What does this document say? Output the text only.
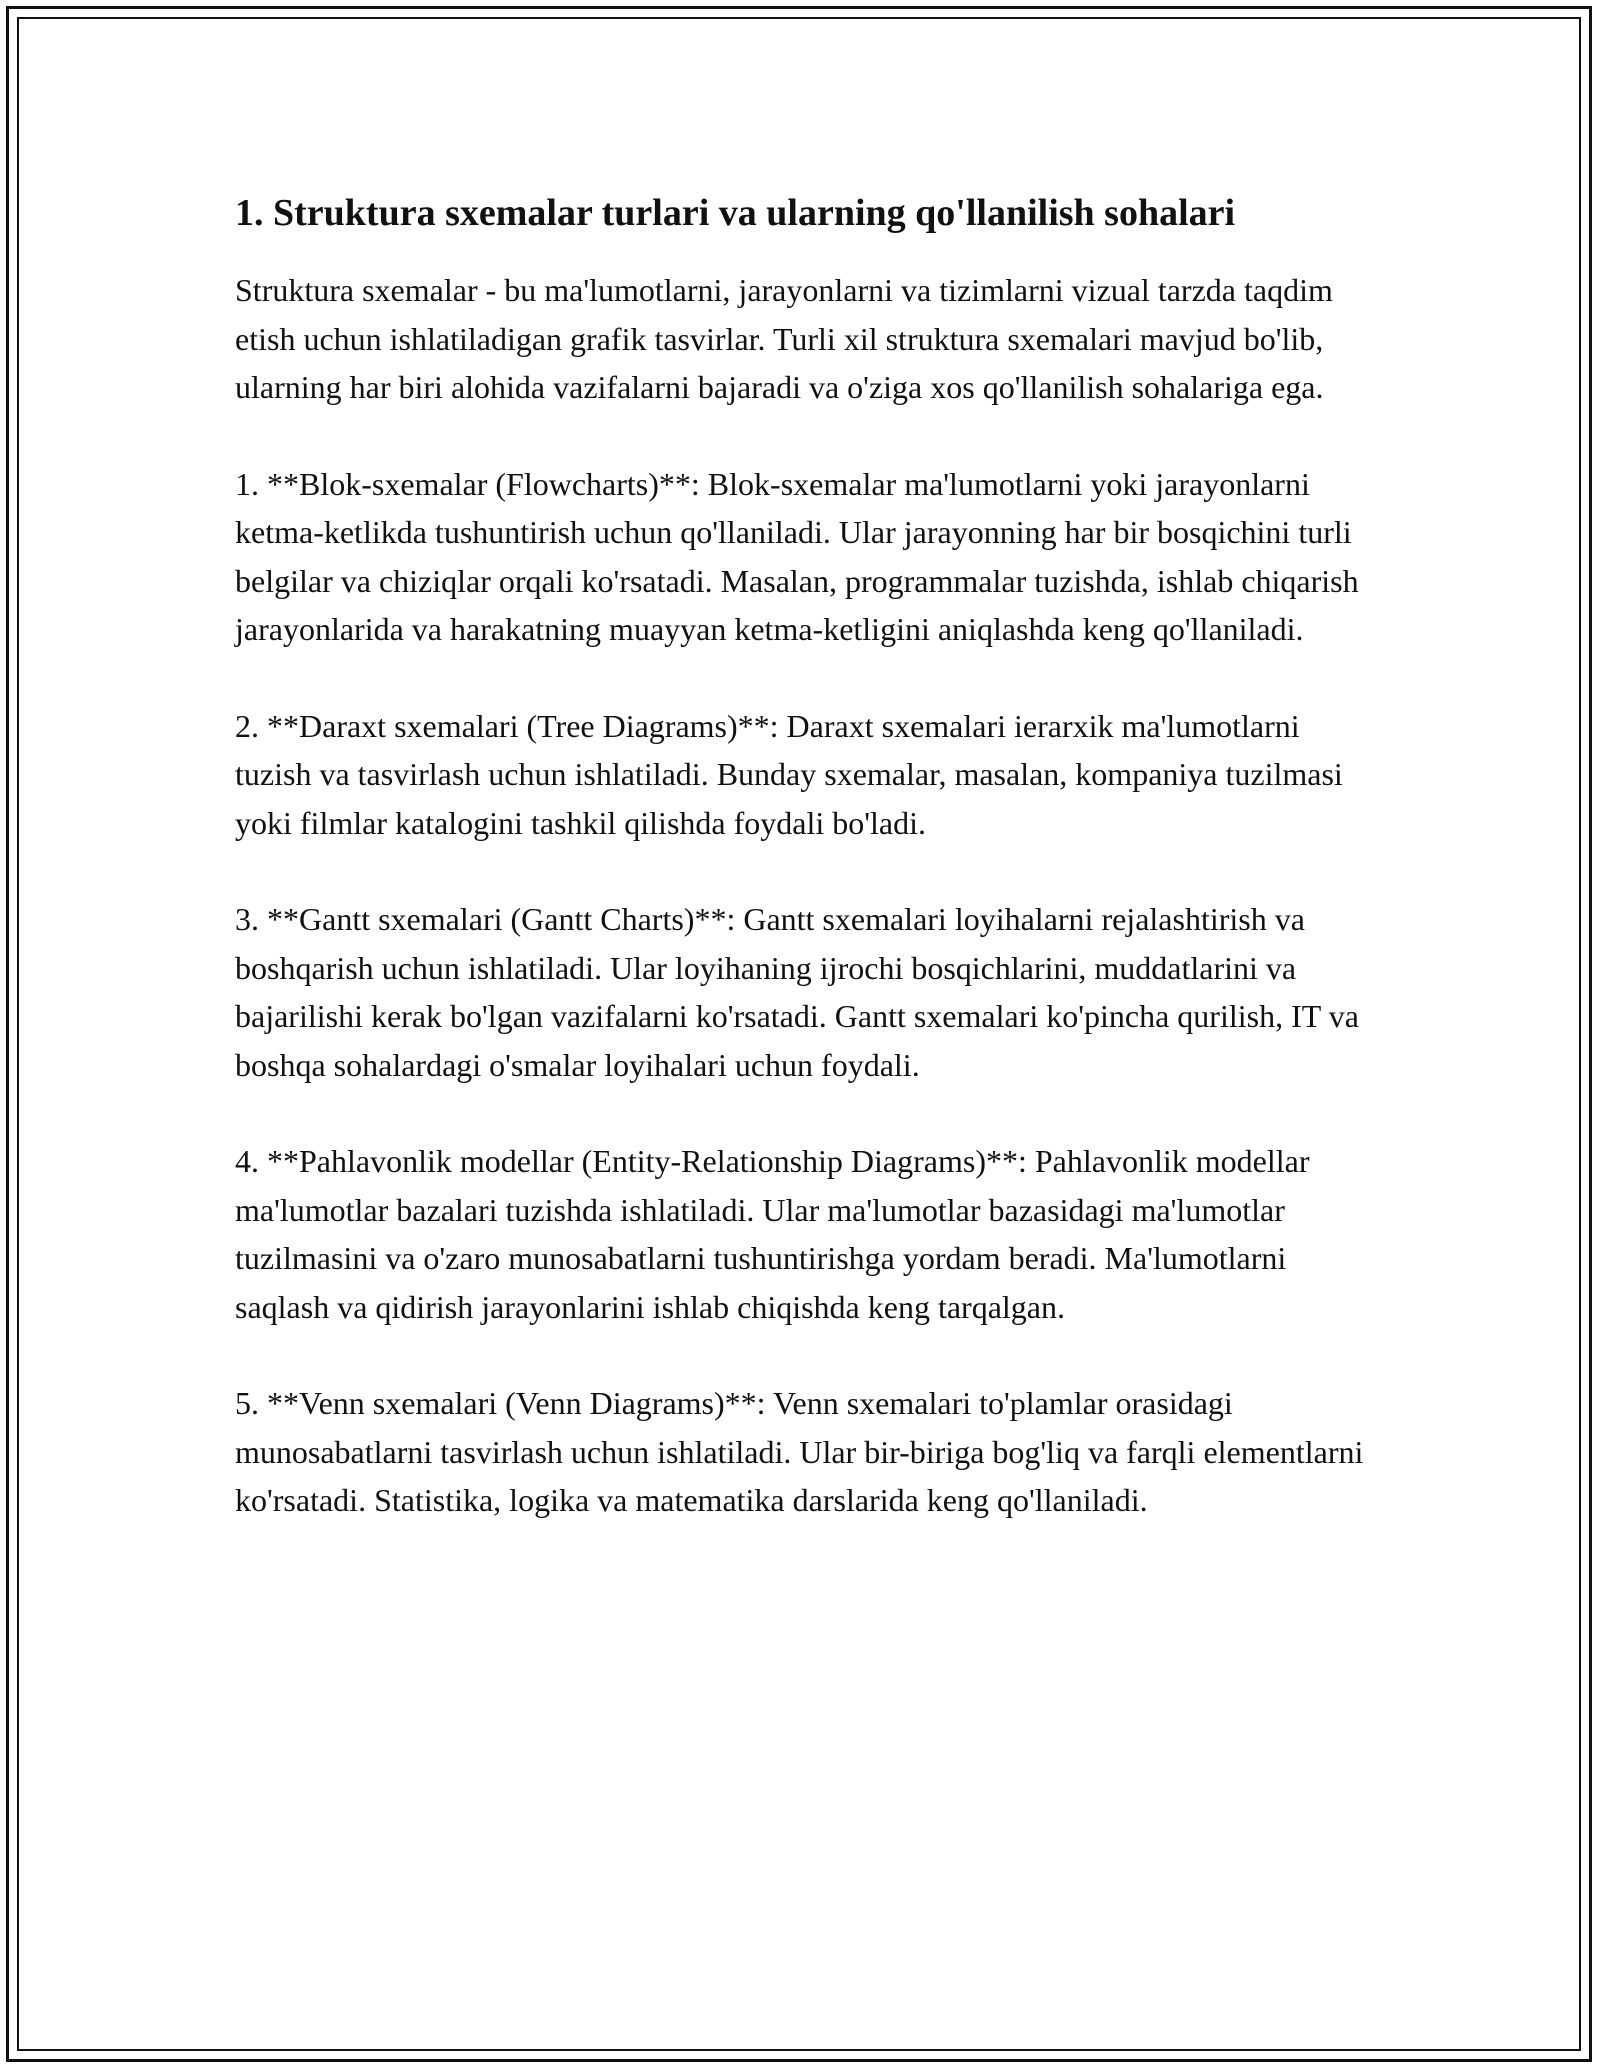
1. Struktura sxemalar turlari va ularning qo'llanilish sohalari

Struktura sxemalar - bu ma'lumotlarni, jarayonlarni va tizimlarni vizual tarzda taqdim etish uchun ishlatiladigan grafik tasvirlar. Turli xil struktura sxemalari mavjud bo'lib, ularning har biri alohida vazifalarni bajaradi va o'ziga xos qo'llanilish sohalariga ega.

1. **Blok-sxemalar (Flowcharts)**: Blok-sxemalar ma'lumotlarni yoki jarayonlarni ketma-ketlikda tushuntirish uchun qo'llaniladi. Ular jarayonning har bir bosqichini turli belgilar va chiziqlar orqali ko'rsatadi. Masalan, programmalar tuzishda, ishlab chiqarish jarayonlarida va harakatning muayyan ketma-ketligini aniqlashda keng qo'llaniladi.

2. **Daraxt sxemalari (Tree Diagrams)**: Daraxt sxemalari ierarxik ma'lumotlarni tuzish va tasvirlash uchun ishlatiladi. Bunday sxemalar, masalan, kompaniya tuzilmasi yoki filmlar katalogini tashkil qilishda foydali bo'ladi.

3. **Gantt sxemalari (Gantt Charts)**: Gantt sxemalari loyihalarni rejalashtirish va boshqarish uchun ishlatiladi. Ular loyihaning ijrochi bosqichlarini, muddatlarini va bajarilishi kerak bo'lgan vazifalarni ko'rsatadi. Gantt sxemalari ko'pincha qurilish, IT va boshqa sohalardagi o'smalar loyihalari uchun foydali.

4. **Pahlavonlik modellar (Entity-Relationship Diagrams)**: Pahlavonlik modellar ma'lumotlar bazalari tuzishda ishlatiladi. Ular ma'lumotlar bazasidagi ma'lumotlar tuzilmasini va o'zaro munosabatlarni tushuntirishga yordam beradi. Ma'lumotlarni saqlash va qidirish jarayonlarini ishlab chiqishda keng tarqalgan.

5. **Venn sxemalari (Venn Diagrams)**: Venn sxemalari to'plamlar orasidagi munosabatlarni tasvirlash uchun ishlatiladi. Ular bir-biriga bog'liq va farqli elementlarni ko'rsatadi. Statistika, logika va matematika darslarida keng qo'llaniladi.
